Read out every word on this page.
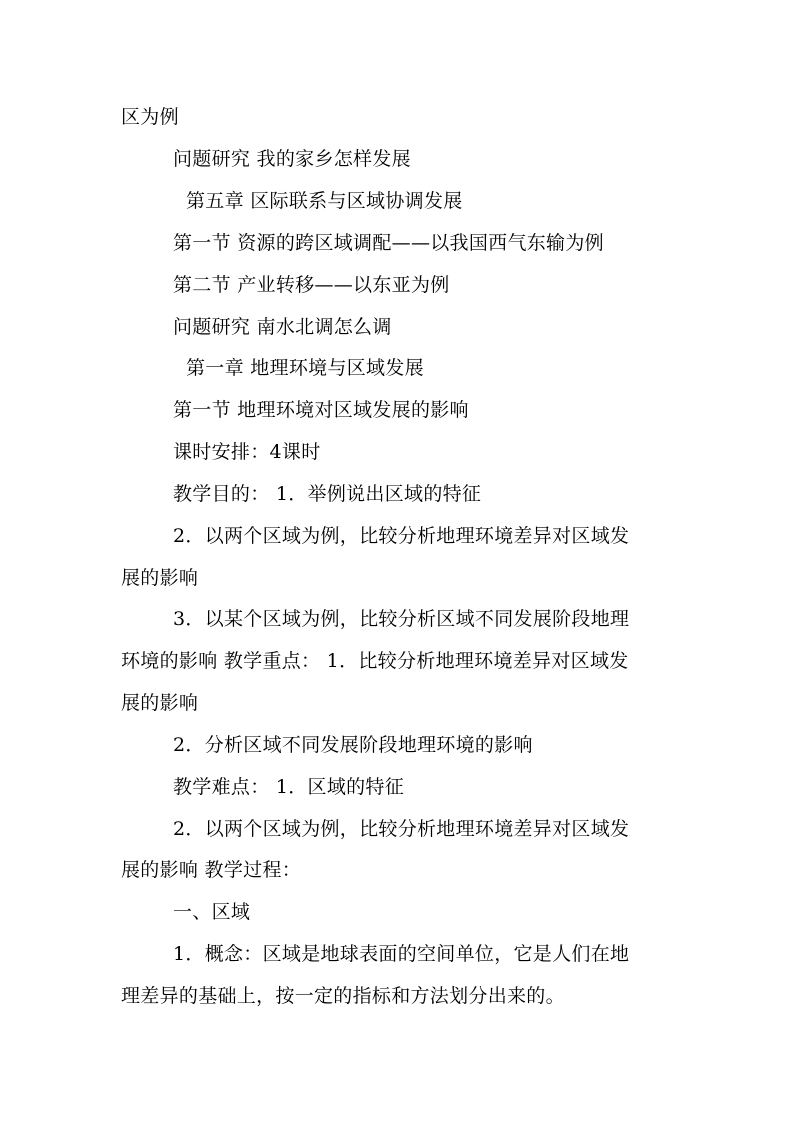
区为例
问题研究 我的家乡怎样发展
第五章 区际联系与区域协调发展
第一节 资源的跨区域调配——以我国西气东输为例
第二节 产业转移——以东亚为例
问题研究 南水北调怎么调
第一章 地理环境与区域发展
第一节 地理环境对区域发展的影响
课时安排：4课时
教学目的： 1．举例说出区域的特征
2．以两个区域为例，比较分析地理环境差异对区域发
展的影响
3．以某个区域为例，比较分析区域不同发展阶段地理
环境的影响 教学重点： 1．比较分析地理环境差异对区域发
展的影响
2．分析区域不同发展阶段地理环境的影响
教学难点： 1．区域的特征
2．以两个区域为例，比较分析地理环境差异对区域发
展的影响 教学过程：
一、区域
1．概念：区域是地球表面的空间单位，它是人们在地
理差异的基础上，按一定的指标和方法划分出来的。
